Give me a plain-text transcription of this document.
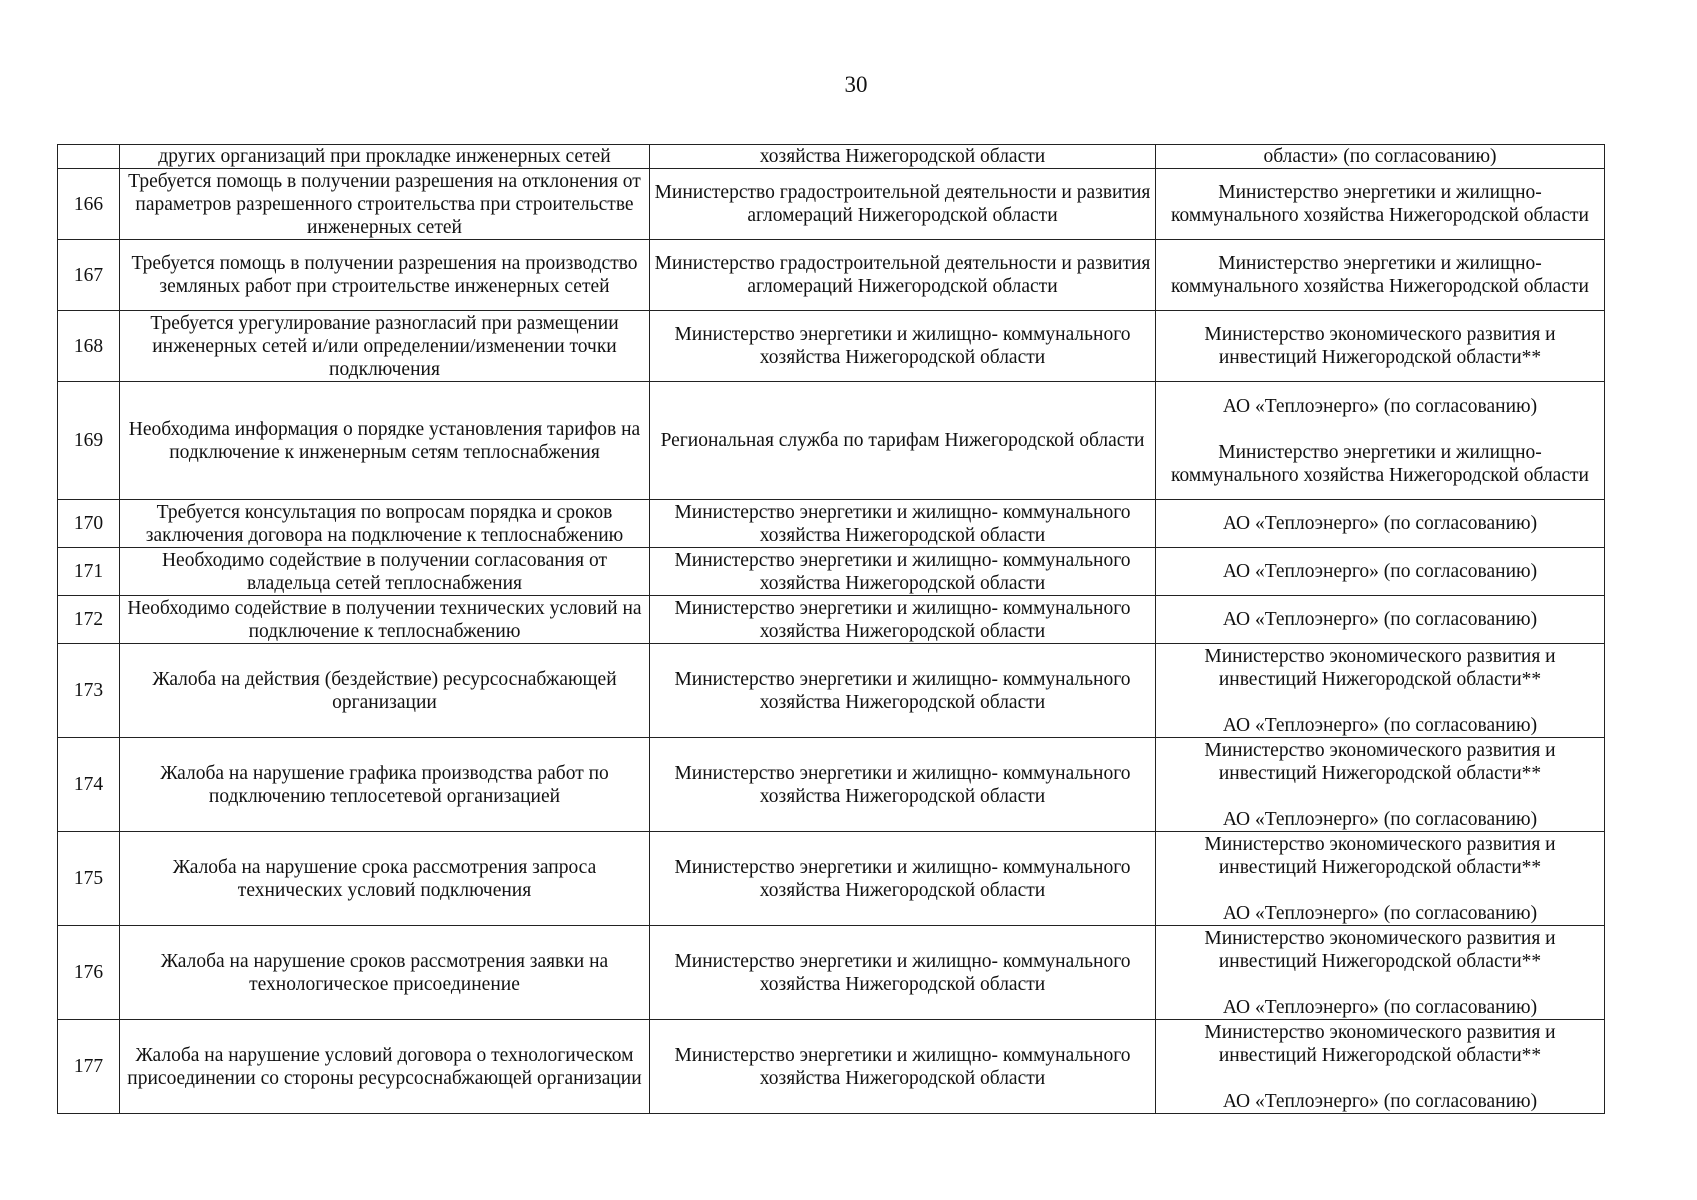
30
	других организаций при прокладке инженерных сетей	хозяйства Нижегородской области	области» (по согласованию)

166	Требуется помощь в получении разрешения на отклонения от параметров разрешенного строительства при строительстве инженерных сетей	Министерство градостроительной деятельности и развития агломераций Нижегородской области	Министерство энергетики и жилищно-коммунального хозяйства Нижегородской области

167	Требуется помощь в получении разрешения на производство земляных работ при строительстве инженерных сетей	Министерство градостроительной деятельности и развития агломераций Нижегородской области	Министерство энергетики и жилищно-коммунального хозяйства Нижегородской области

168	Требуется урегулирование разногласий при размещении инженерных сетей и/или определении/изменении точки подключения	Министерство энергетики и жилищно- коммунального хозяйства Нижегородской области	Министерство экономического развития и инвестиций Нижегородской области**

169	Необходима информация о порядке установления тарифов на подключение к инженерным сетям теплоснабжения	Региональная служба по тарифам Нижегородской области	АО «Теплоэнерго» (по согласованию)
Министерство энергетики и жилищно-коммунального хозяйства Нижегородской области

170	Требуется консультация по вопросам порядка и сроков заключения договора на подключение к теплоснабжению	Министерство энергетики и жилищно- коммунального хозяйства Нижегородской области	АО «Теплоэнерго» (по согласованию)

171	Необходимо содействие в получении согласования от владельца сетей теплоснабжения	Министерство энергетики и жилищно- коммунального хозяйства Нижегородской области	АО «Теплоэнерго» (по согласованию)

172	Необходимо содействие в получении технических условий на подключение к теплоснабжению	Министерство энергетики и жилищно- коммунального хозяйства Нижегородской области	АО «Теплоэнерго» (по согласованию)

173	Жалоба на действия (бездействие) ресурсоснабжающей организации	Министерство энергетики и жилищно- коммунального хозяйства Нижегородской области	Министерство экономического развития и инвестиций Нижегородской области**
АО «Теплоэнерго» (по согласованию)

174	Жалоба на нарушение графика производства работ по подключению теплосетевой организацией	Министерство энергетики и жилищно- коммунального хозяйства Нижегородской области	Министерство экономического развития и инвестиций Нижегородской области**
АО «Теплоэнерго» (по согласованию)

175	Жалоба на нарушение срока рассмотрения запроса технических условий подключения	Министерство энергетики и жилищно- коммунального хозяйства Нижегородской области	Министерство экономического развития и инвестиций Нижегородской области**
АО «Теплоэнерго» (по согласованию)

176	Жалоба на нарушение сроков рассмотрения заявки на технологическое присоединение	Министерство энергетики и жилищно- коммунального хозяйства Нижегородской области	Министерство экономического развития и инвестиций Нижегородской области**
АО «Теплоэнерго» (по согласованию)

177	Жалоба на нарушение условий договора о технологическом присоединении со стороны ресурсоснабжающей организации	Министерство энергетики и жилищно- коммунального хозяйства Нижегородской области	Министерство экономического развития и инвестиций Нижегородской области**
АО «Теплоэнерго» (по согласованию)
